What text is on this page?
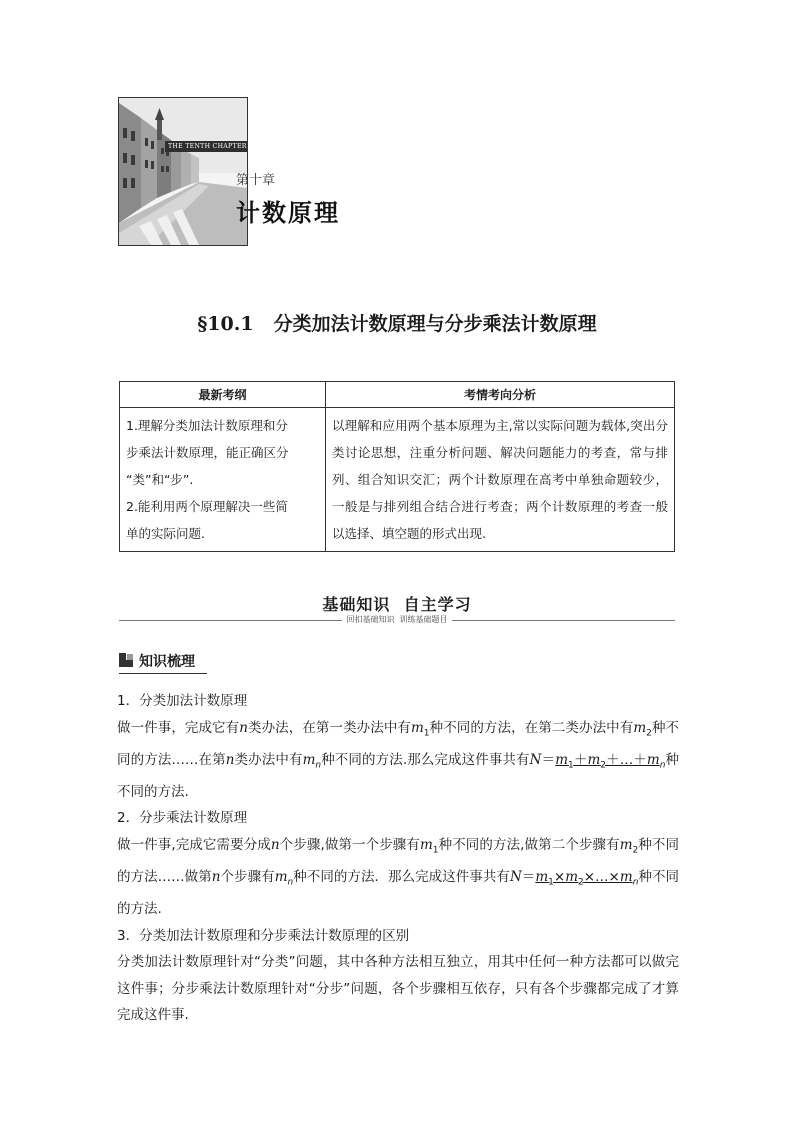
THE TENTH CHAPTER
第十章
计数原理
§10.1 分类加法计数原理与分步乘法计数原理
最新考纲	考情考向分析

1.理解分类加法计数原理和分
步乘法计数原理，能正确区分
“类”和“步”.
2.能利用两个原理解决一些简
单的实际问题.	以理解和应用两个基本原理为主,常以实际问题为载体,突出分类讨论思想，注重分析问题、解决问题能力的考查，常与排列、组合知识交汇；两个计数原理在高考中单独命题较少，一般是与排列组合结合进行考查；两个计数原理的考查一般以选择、填空题的形式出现.
基础知识  自主学习
回扣基础知识  训练基础题目
知识梳理

1．分类加法计数原理

做一件事，完成它有n类办法，在第一类办法中有$m_1$种不同的方法，在第二类办法中有$m_2$种不同的方法……在第n类办法中有$m_n$种不同的方法.那么完成这件事共有$N=m_1+m_2+\dots+m_n$种不同的方法.

2．分步乘法计数原理

做一件事,完成它需要分成n个步骤,做第一个步骤有$m_1$种不同的方法,做第二个步骤有$m_2$种不同的方法……做第n个步骤有$m_n$种不同的方法．那么完成这件事共有$N=m_1\times m_2\times\dots\times m_n$种不同的方法.

3．分类加法计数原理和分步乘法计数原理的区别

分类加法计数原理针对“分类”问题，其中各种方法相互独立，用其中任何一种方法都可以做完这件事；分步乘法计数原理针对“分步”问题，各个步骤相互依存，只有各个步骤都完成了才算完成这件事.
